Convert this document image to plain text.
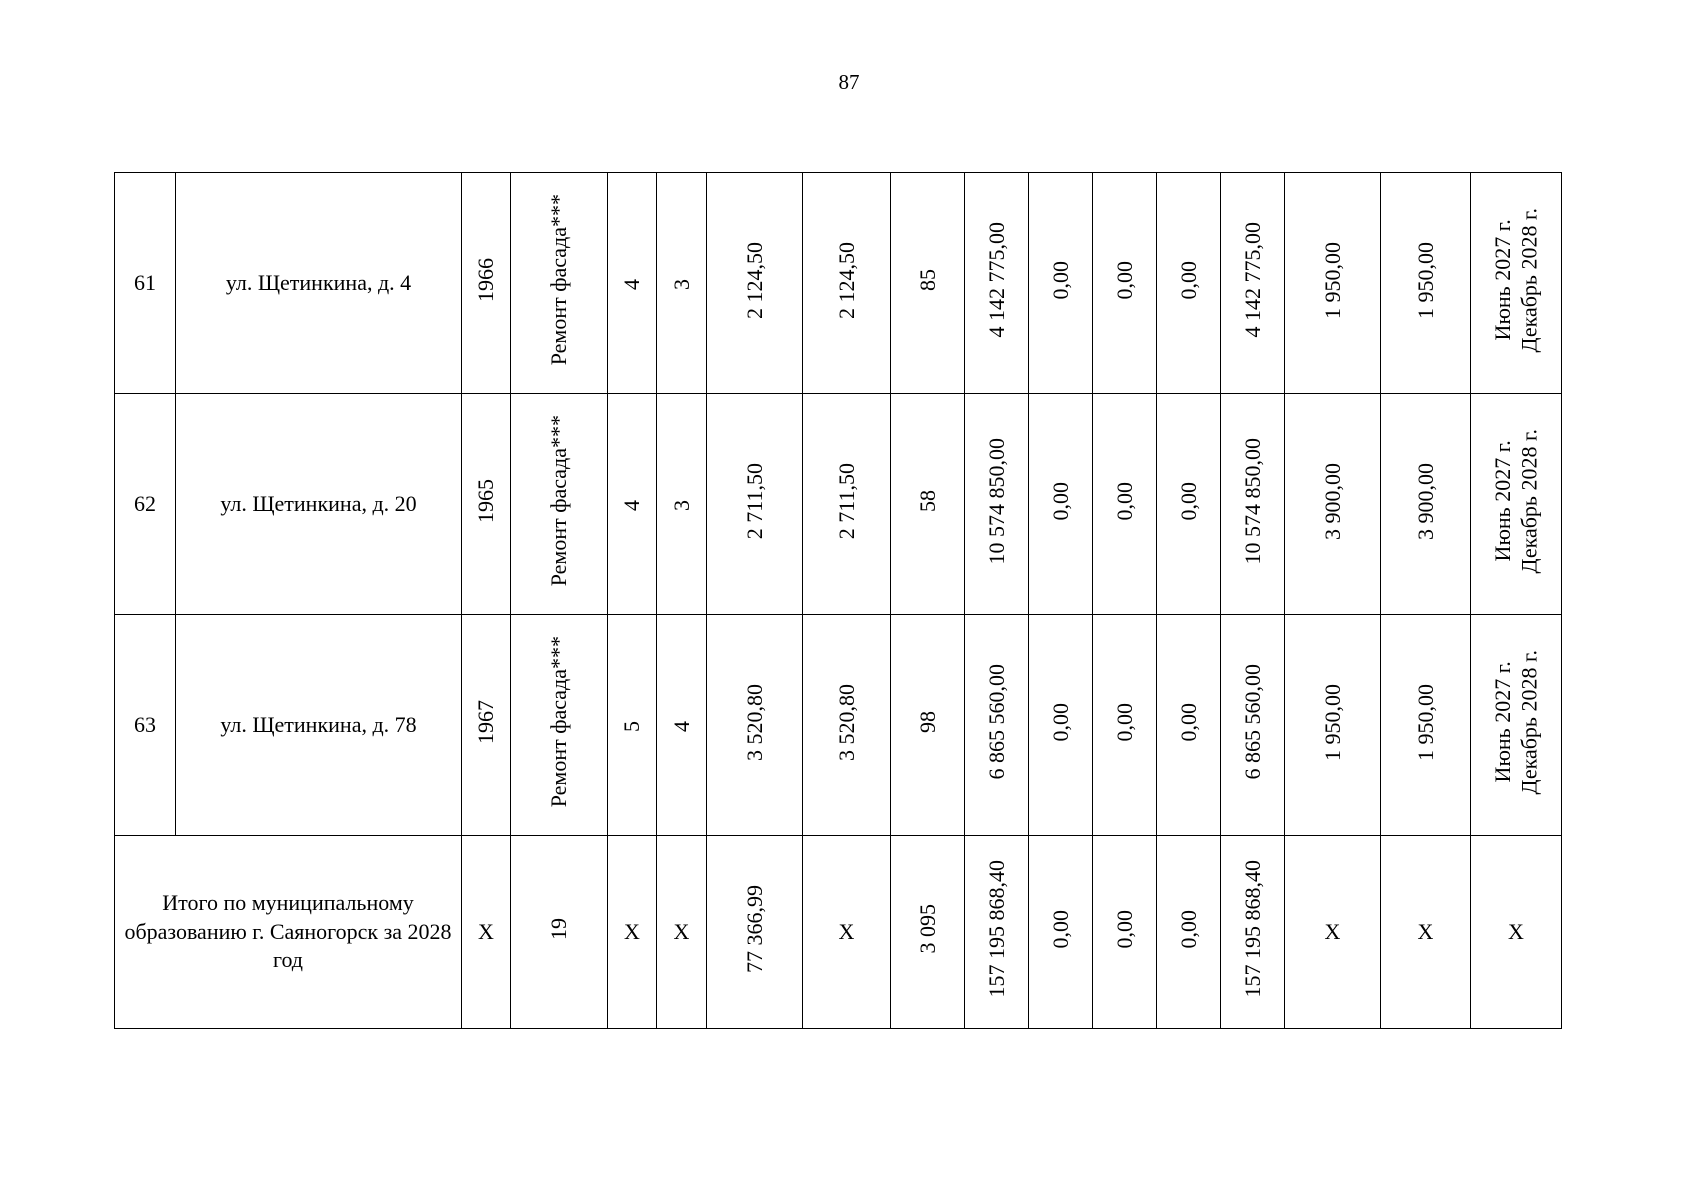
87
61	ул. Щетинкина, д. 4	1966	Ремонт фасада***	4	3	2 124,50	2 124,50	85	4 142 775,00	0,00	0,00	0,00	4 142 775,00	1 950,00	1 950,00	Июнь 2027 г. Декабрь 2028 г.

62	ул. Щетинкина, д. 20	1965	Ремонт фасада***	4	3	2 711,50	2 711,50	58	10 574 850,00	0,00	0,00	0,00	10 574 850,00	3 900,00	3 900,00	Июнь 2027 г. Декабрь 2028 г.

63	ул. Щетинкина, д. 78	1967	Ремонт фасада***	5	4	3 520,80	3 520,80	98	6 865 560,00	0,00	0,00	0,00	6 865 560,00	1 950,00	1 950,00	Июнь 2027 г. Декабрь 2028 г.

Итого по муниципальному образованию г. Саяногорск за 2028 год		X	19	X	X	77 366,99	X	3 095	157 195 868,40	0,00	0,00	0,00	157 195 868,40	X	X	X
